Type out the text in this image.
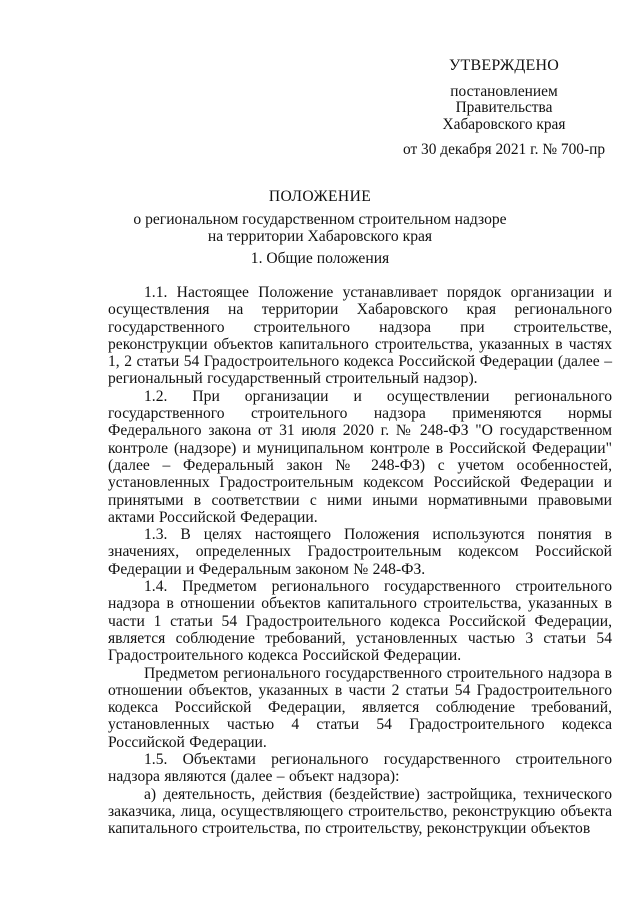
УТВЕРЖДЕНО
постановлением
Правительства
Хабаровского края
от 30 декабря 2021 г. № 700-пр
ПОЛОЖЕНИЕ
о региональном государственном строительном надзоре
на территории Хабаровского края
1. Общие положения

1.1. Настоящее Положение устанавливает порядок организации и осуществления на территории Хабаровского края регионального государственного строительного надзора при строительстве, реконструкции объектов капитального строительства, указанных в частях 1, 2 статьи 54 Градостроительного кодекса Российской Федерации (далее – региональный государственный строительный надзор).

1.2. При организации и осуществлении регионального государственного строительного надзора применяются нормы Федерального закона от 31 июля 2020 г. № 248-ФЗ "О государственном контроле (надзоре) и муниципальном контроле в Российской Федерации" (далее – Федеральный закон № 248-ФЗ) с учетом особенностей, установленных Градостроительным кодексом Российской Федерации и принятыми в соответствии с ними иными нормативными правовыми актами Российской Федерации.

1.3. В целях настоящего Положения используются понятия в значениях, определенных Градостроительным кодексом Российской Федерации и Федеральным законом № 248-ФЗ.

1.4. Предметом регионального государственного строительного надзора в отношении объектов капитального строительства, указанных в части 1 статьи 54 Градостроительного кодекса Российской Федерации, является соблюдение требований, установленных частью 3 статьи 54 Градостроительного кодекса Российской Федерации.

Предметом регионального государственного строительного надзора в отношении объектов, указанных в части 2 статьи 54 Градостроительного кодекса Российской Федерации, является соблюдение требований, установленных частью 4 статьи 54 Градостроительного кодекса Российской Федерации.

1.5. Объектами регионального государственного строительного надзора являются (далее – объект надзора):

а) деятельность, действия (бездействие) застройщика, технического заказчика, лица, осуществляющего строительство, реконструкцию объекта капитального строительства, по строительству, реконструкции объектов
